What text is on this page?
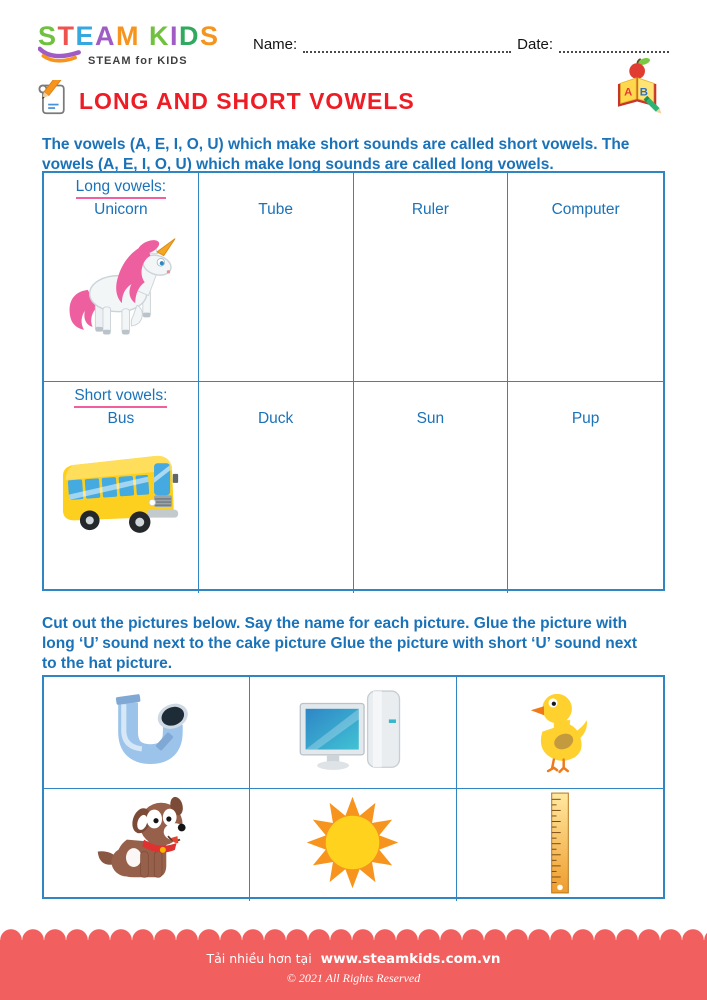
STEAM KIDS
STEAM for KIDS
Name:	Date:
LONG AND SHORT VOWELS	A B

The vowels (A, E, I, O, U) which make short sounds are called short vowels. The vowels (A, E, I, O, U) which make long sounds are called long vowels.

Long vowels:
Unicorn	Tube	Ruler	Computer
Short vowels:
Bus	Duck	Sun	Pup

Cut out the pictures below. Say the name for each picture. Glue the picture with long ‘U’ sound next to the cake picture Glue the picture with short ‘U’ sound next to the hat picture.

Tải nhiều hơn tại www.steamkids.com.vn
© 2021 All Rights Reserved
